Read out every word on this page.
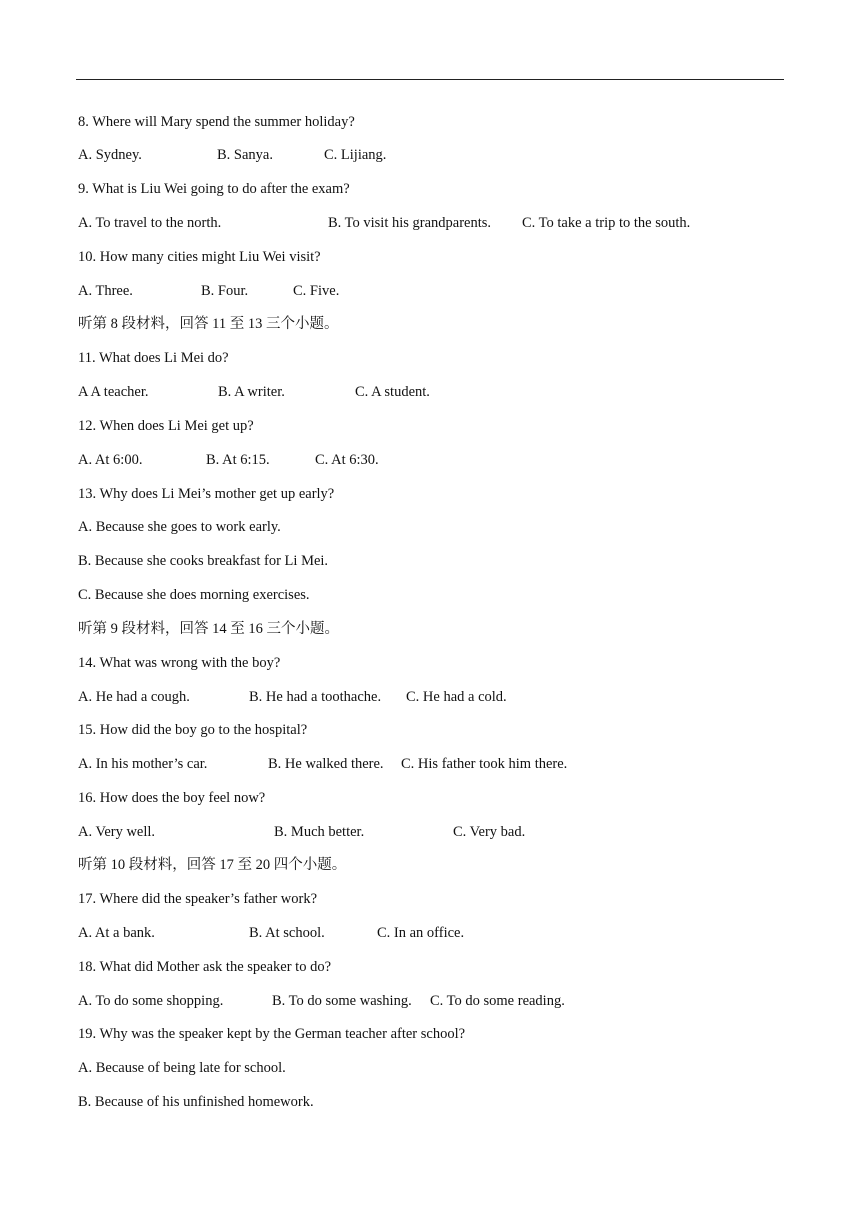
8. Where will Mary spend the summer holiday?
A. Sydney.	B. Sanya.	C. Lijiang.
9. What is Liu Wei going to do after the exam?
A. To travel to the north.	B. To visit his grandparents. C. To take a trip to the south.
10. How many cities might Liu Wei visit?
A. Three.	B. Four.	C. Five.
听第 8 段材料，回答 11 至 13 三个小题。
11. What does Li Mei do?
A A teacher.	B. A writer.	C. A student.
12. When does Li Mei get up?
A. At 6:00.	B. At 6:15.	C. At 6:30.
13. Why does Li Mei’s mother get up early?
A. Because she goes to work early.
B. Because she cooks breakfast for Li Mei.
C. Because she does morning exercises.
听第 9 段材料，回答 14 至 16 三个小题。
14. What was wrong with the boy?
A. He had a cough.	B. He had a toothache. C. He had a cold.
15. How did the boy go to the hospital?
A. In his mother’s car.	B. He walked there. C. His father took him there.
16. How does the boy feel now?
A. Very well.	B. Much better.	C. Very bad.
听第 10 段材料，回答 17 至 20 四个小题。
17. Where did the speaker’s father work?
A. At a bank.	B. At school.	C. In an office.
18. What did Mother ask the speaker to do?
A. To do some shopping.	B. To do some washing. C. To do some reading.
19. Why was the speaker kept by the German teacher after school?
A. Because of being late for school.
B. Because of his unfinished homework.
